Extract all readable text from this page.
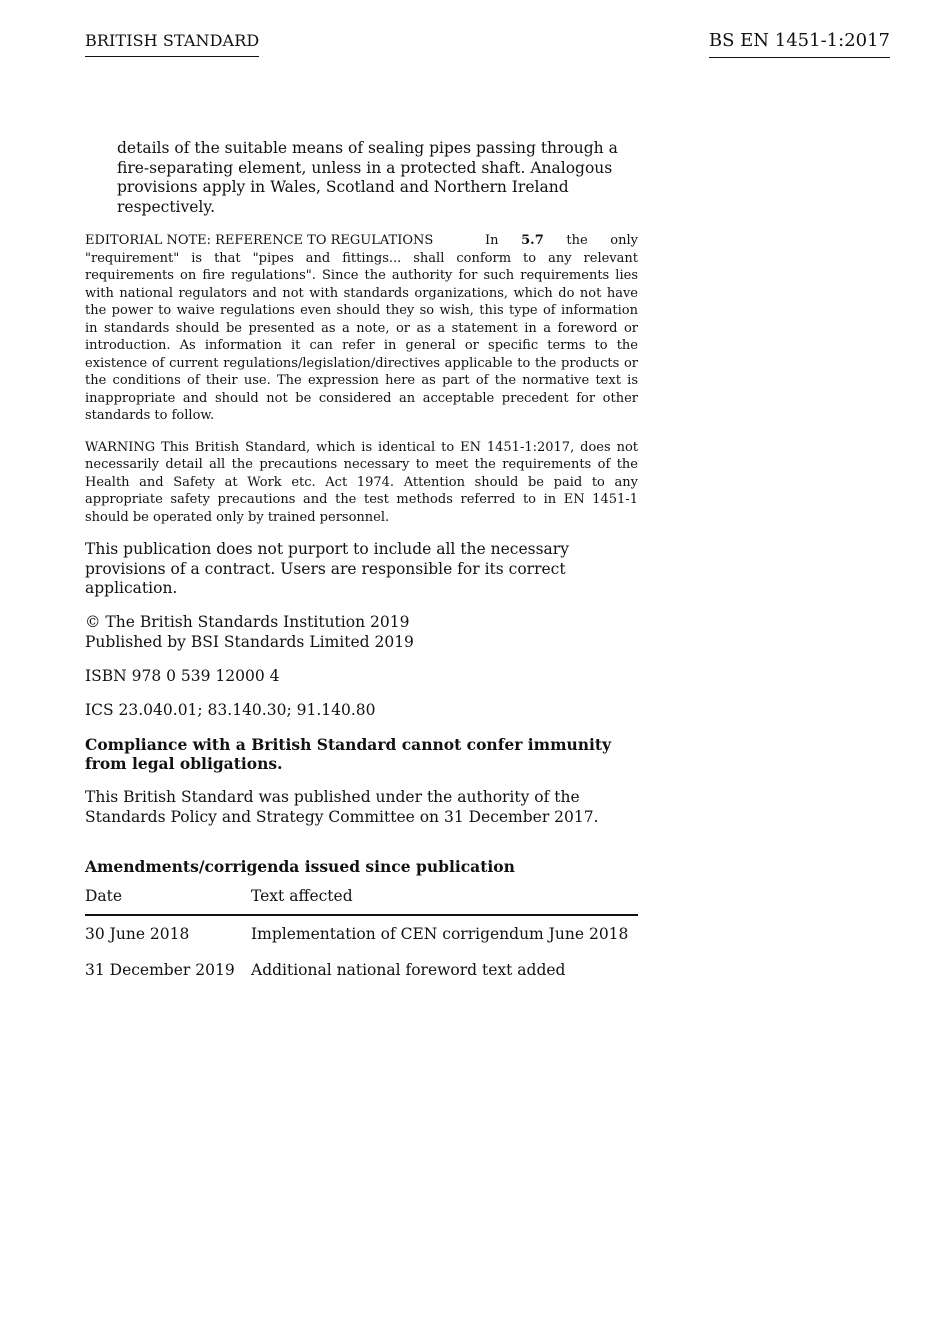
BRITISH STANDARD	BS EN 1451-1:2017

details of the suitable means of sealing pipes passing through a fire-separating element, unless in a protected shaft. Analogous provisions apply in Wales, Scotland and Northern Ireland respectively.

EDITORIAL NOTE: REFERENCE TO REGULATIONS	In 5.7 the only "requirement" is that "pipes and fittings... shall conform to any relevant requirements on fire regulations". Since the authority for such requirements lies with national regulators and not with standards organizations, which do not have the power to waive regulations even should they so wish, this type of information in standards should be presented as a note, or as a statement in a foreword or introduction. As information it can refer in general or specific terms to the existence of current regulations/legislation/directives applicable to the products or the conditions of their use. The expression here as part of the normative text is inappropriate and should not be considered an acceptable precedent for other standards to follow.

WARNING This British Standard, which is identical to EN 1451-1:2017, does not necessarily detail all the precautions necessary to meet the requirements of the Health and Safety at Work etc. Act 1974. Attention should be paid to any appropriate safety precautions and the test methods referred to in EN 1451-1 should be operated only by trained personnel.

This publication does not purport to include all the necessary provisions of a contract. Users are responsible for its correct application.

© The British Standards Institution 2019
Published by BSI Standards Limited 2019

ISBN 978 0 539 12000 4

ICS 23.040.01; 83.140.30; 91.140.80

Compliance with a British Standard cannot confer immunity from legal obligations.

This British Standard was published under the authority of the Standards Policy and Strategy Committee on 31 December 2017.

Amendments/corrigenda issued since publication

Date	Text affected
30 June 2018	Implementation of CEN corrigendum June 2018
31 December 2019	Additional national foreword text added
